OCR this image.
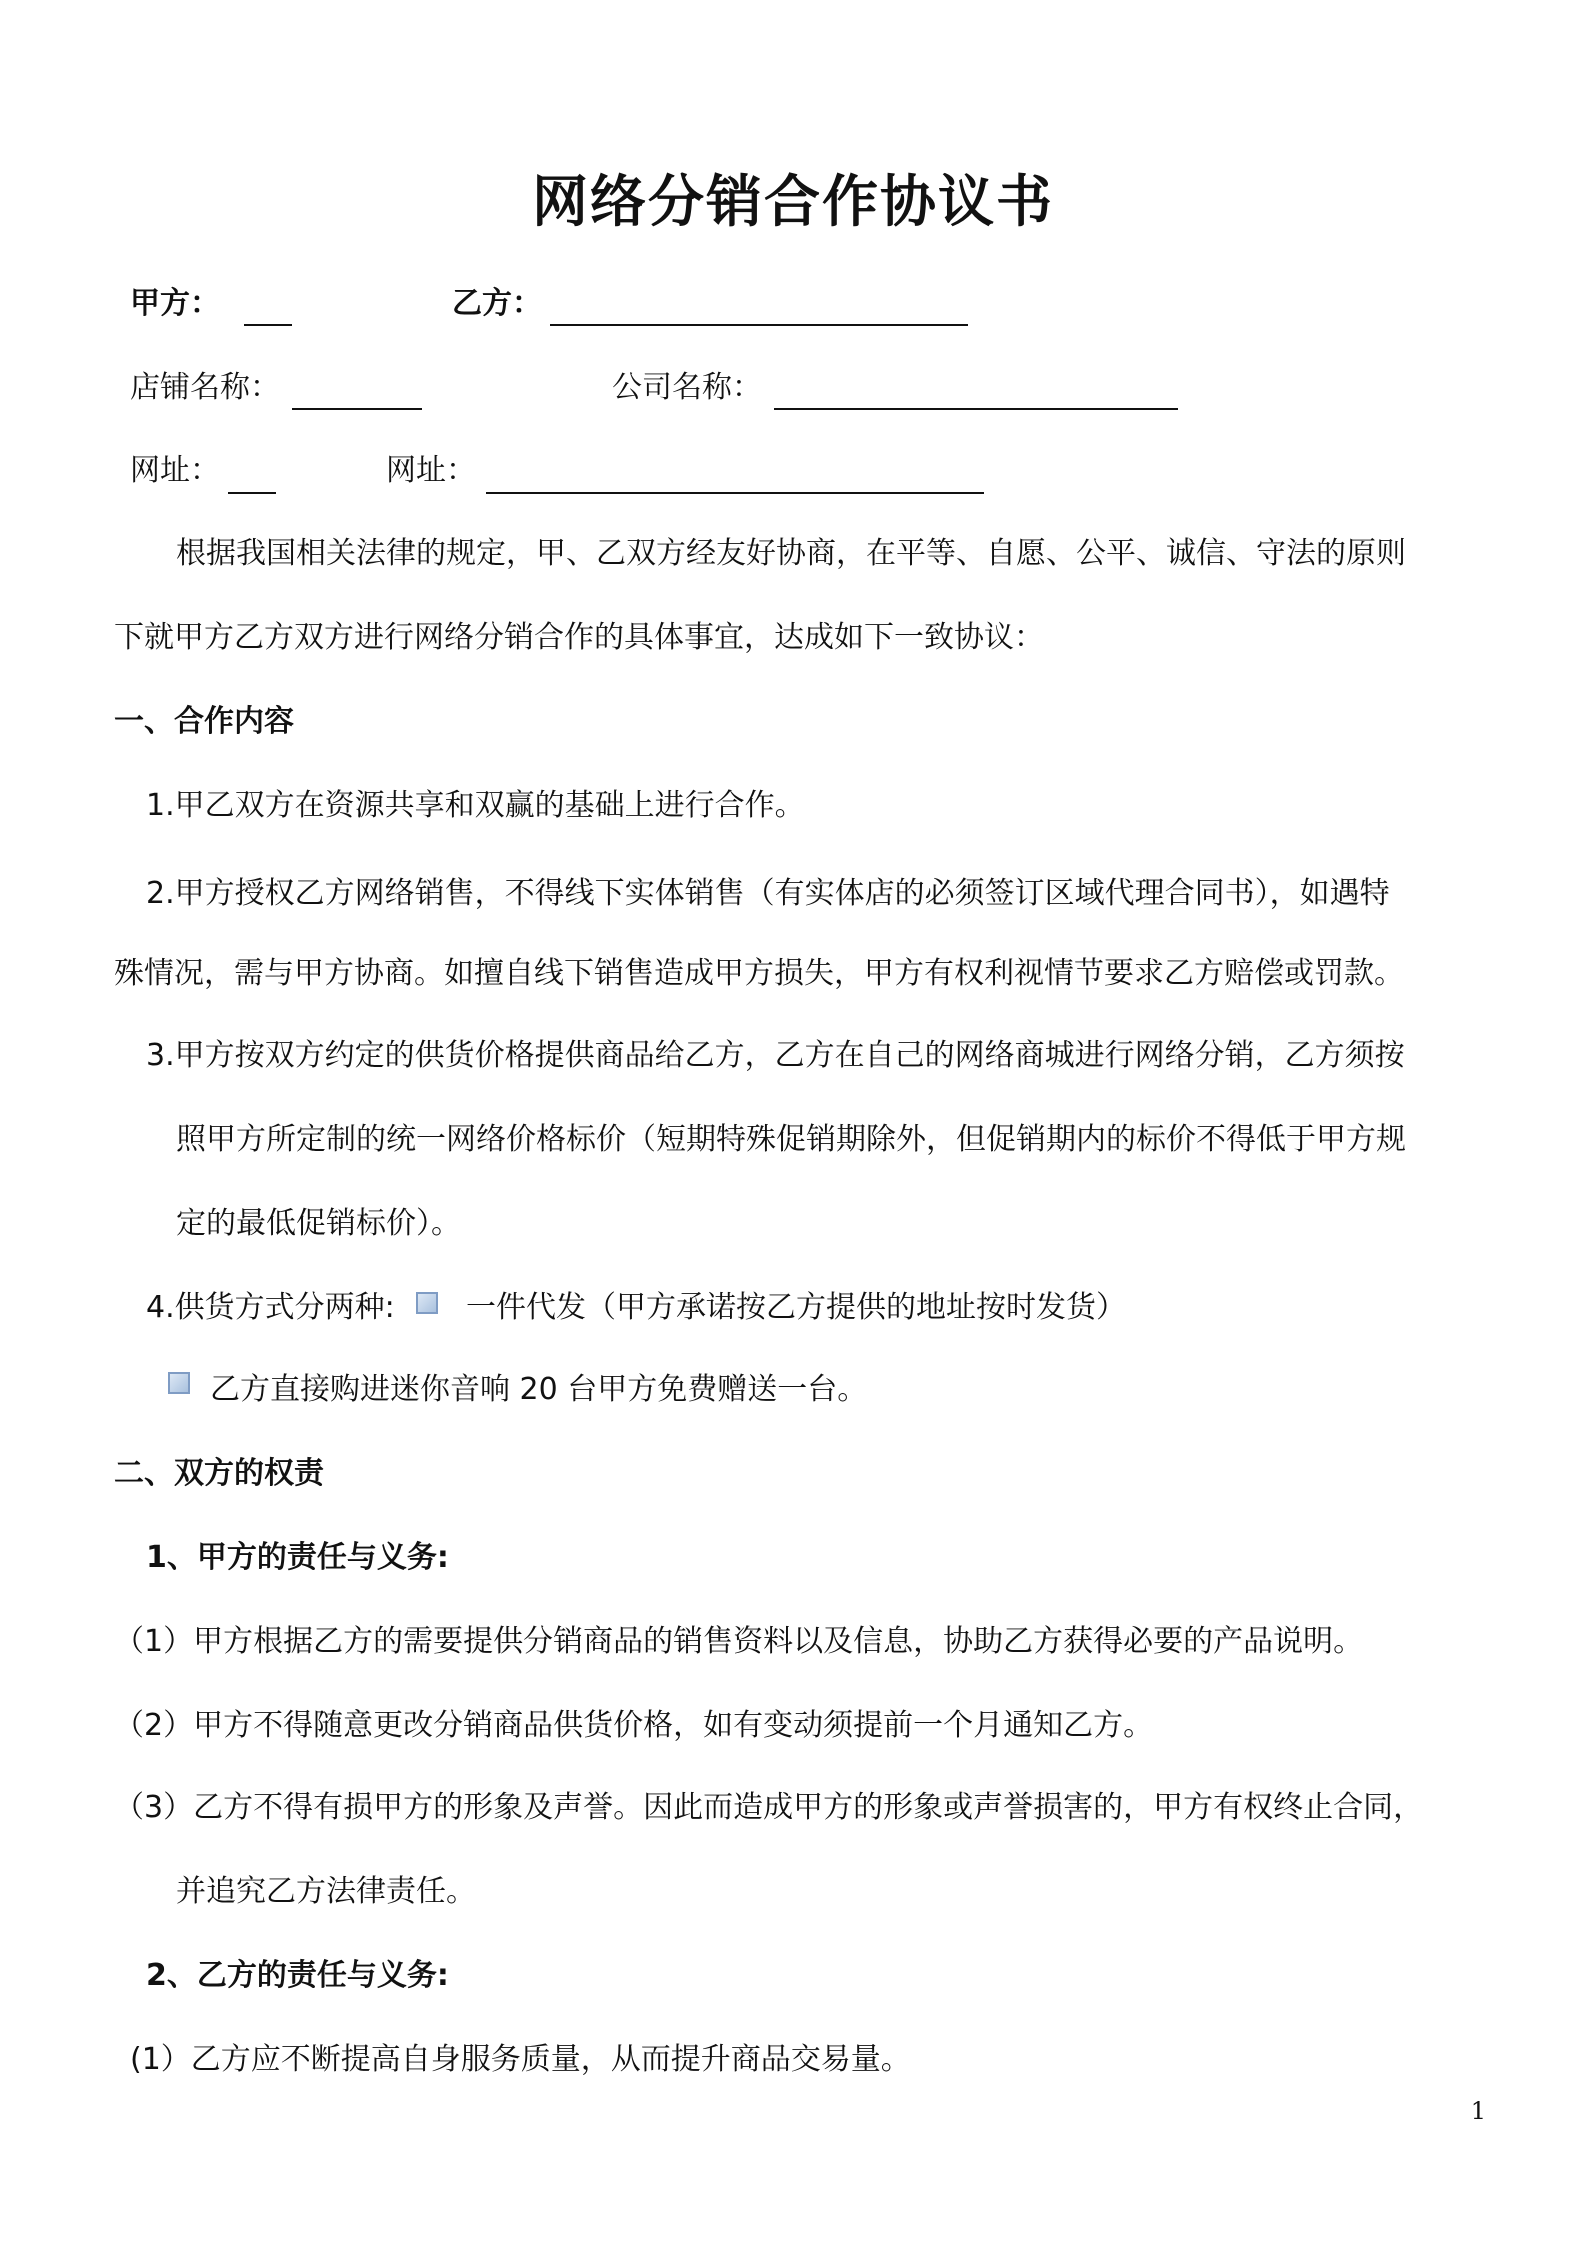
网络分销合作协议书
甲方：	乙方：
店铺名称：	公司名称：
网址：	网址：
根据我国相关法律的规定，甲、乙双方经友好协商，在平等、自愿、公平、诚信、守法的原则
下就甲方乙方双方进行网络分销合作的具体事宜，达成如下一致协议：
一、合作内容
1.甲乙双方在资源共享和双赢的基础上进行合作。
2.甲方授权乙方网络销售，不得线下实体销售（有实体店的必须签订区域代理合同书），如遇特
殊情况，需与甲方协商。如擅自线下销售造成甲方损失，甲方有权利视情节要求乙方赔偿或罚款。
3.甲方按双方约定的供货价格提供商品给乙方，乙方在自己的网络商城进行网络分销，乙方须按
照甲方所定制的统一网络价格标价（短期特殊促销期除外，但促销期内的标价不得低于甲方规
定的最低促销标价）。
4.供货方式分两种: 一件代发（甲方承诺按乙方提供的地址按时发货）
乙方直接购进迷你音响 20 台甲方免费赠送一台。
二、双方的权责
1、甲方的责任与义务:
（1）甲方根据乙方的需要提供分销商品的销售资料以及信息，协助乙方获得必要的产品说明。
（2）甲方不得随意更改分销商品供货价格，如有变动须提前一个月通知乙方。
（3）乙方不得有损甲方的形象及声誉。因此而造成甲方的形象或声誉损害的，甲方有权终止合同，
并追究乙方法律责任。
2、乙方的责任与义务:
(1）乙方应不断提高自身服务质量，从而提升商品交易量。
1
